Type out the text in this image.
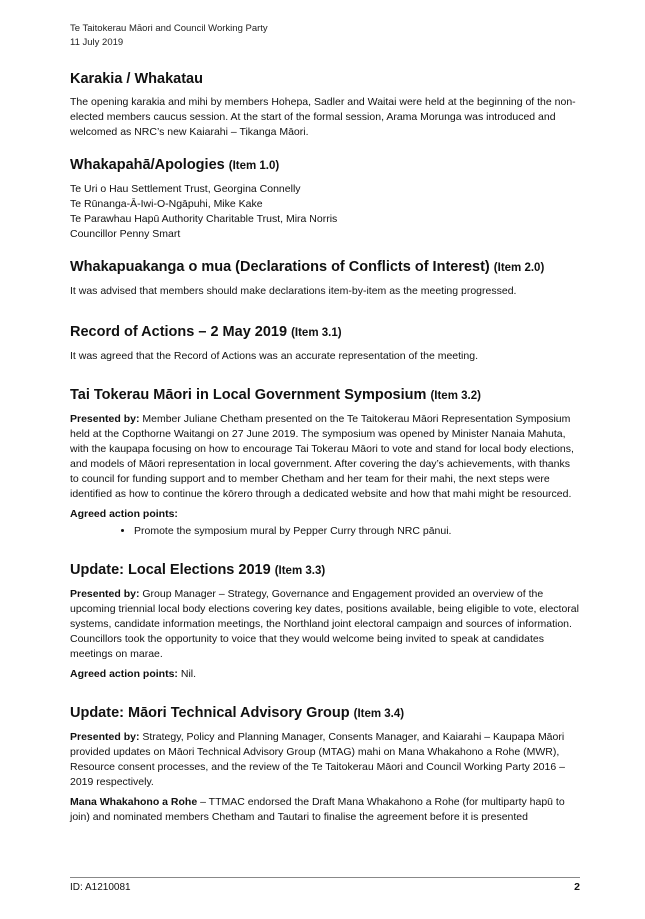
Te Taitokerau Māori and Council Working Party
11 July 2019
Karakia / Whakatau

The opening karakia and mihi by members Hohepa, Sadler and Waitai were held at the beginning of the non-elected members caucus session. At the start of the formal session, Arama Morunga was introduced and welcomed as NRC’s new Kaiarahi – Tikanga Māori.

Whakapahā/Apologies (Item 1.0)

Te Uri o Hau Settlement Trust, Georgina Connelly

Te Rūnanga-Ā-Iwi-O-Ngāpuhi, Mike Kake

Te Parawhau Hapū Authority Charitable Trust, Mira Norris

Councillor Penny Smart

Whakapuakanga o mua (Declarations of Conflicts of Interest) (Item 2.0)

It was advised that members should make declarations item-by-item as the meeting progressed.

Record of Actions – 2 May 2019 (Item 3.1)

It was agreed that the Record of Actions was an accurate representation of the meeting.

Tai Tokerau Māori in Local Government Symposium (Item 3.2)

Presented by: Member Juliane Chetham presented on the Te Taitokerau Māori Representation Symposium held at the Copthorne Waitangi on 27 June 2019. The symposium was opened by Minister Nanaia Mahuta, with the kaupapa focusing on how to encourage Tai Tokerau Māori to vote and stand for local body elections, and models of Māori representation in local government. After covering the day’s achievements, with thanks to council for funding support and to member Chetham and her team for their mahi, the next steps were identified as how to continue the kōrero through a dedicated website and how that mahi might be resourced.

Agreed action points:

• Promote the symposium mural by Pepper Curry through NRC pānui.
Update: Local Elections 2019 (Item 3.3)

Presented by: Group Manager – Strategy, Governance and Engagement provided an overview of the upcoming triennial local body elections covering key dates, positions available, being eligible to vote, electoral systems, candidate information meetings, the Northland joint electoral campaign and sources of information. Councillors took the opportunity to voice that they would welcome being invited to speak at candidates meetings on marae.

Agreed action points: Nil.

Update: Māori Technical Advisory Group (Item 3.4)

Presented by: Strategy, Policy and Planning Manager, Consents Manager, and Kaiarahi – Kaupapa Māori provided updates on Māori Technical Advisory Group (MTAG) mahi on Mana Whakahono a Rohe (MWR), Resource consent processes, and the review of the Te Taitokerau Māori and Council Working Party 2016 – 2019 respectively.

Mana Whakahono a Rohe – TTMAC endorsed the Draft Mana Whakahono a Rohe (for multiparty hapū to join) and nominated members Chetham and Tautari to finalise the agreement before it is presented

ID: A1210081	2
